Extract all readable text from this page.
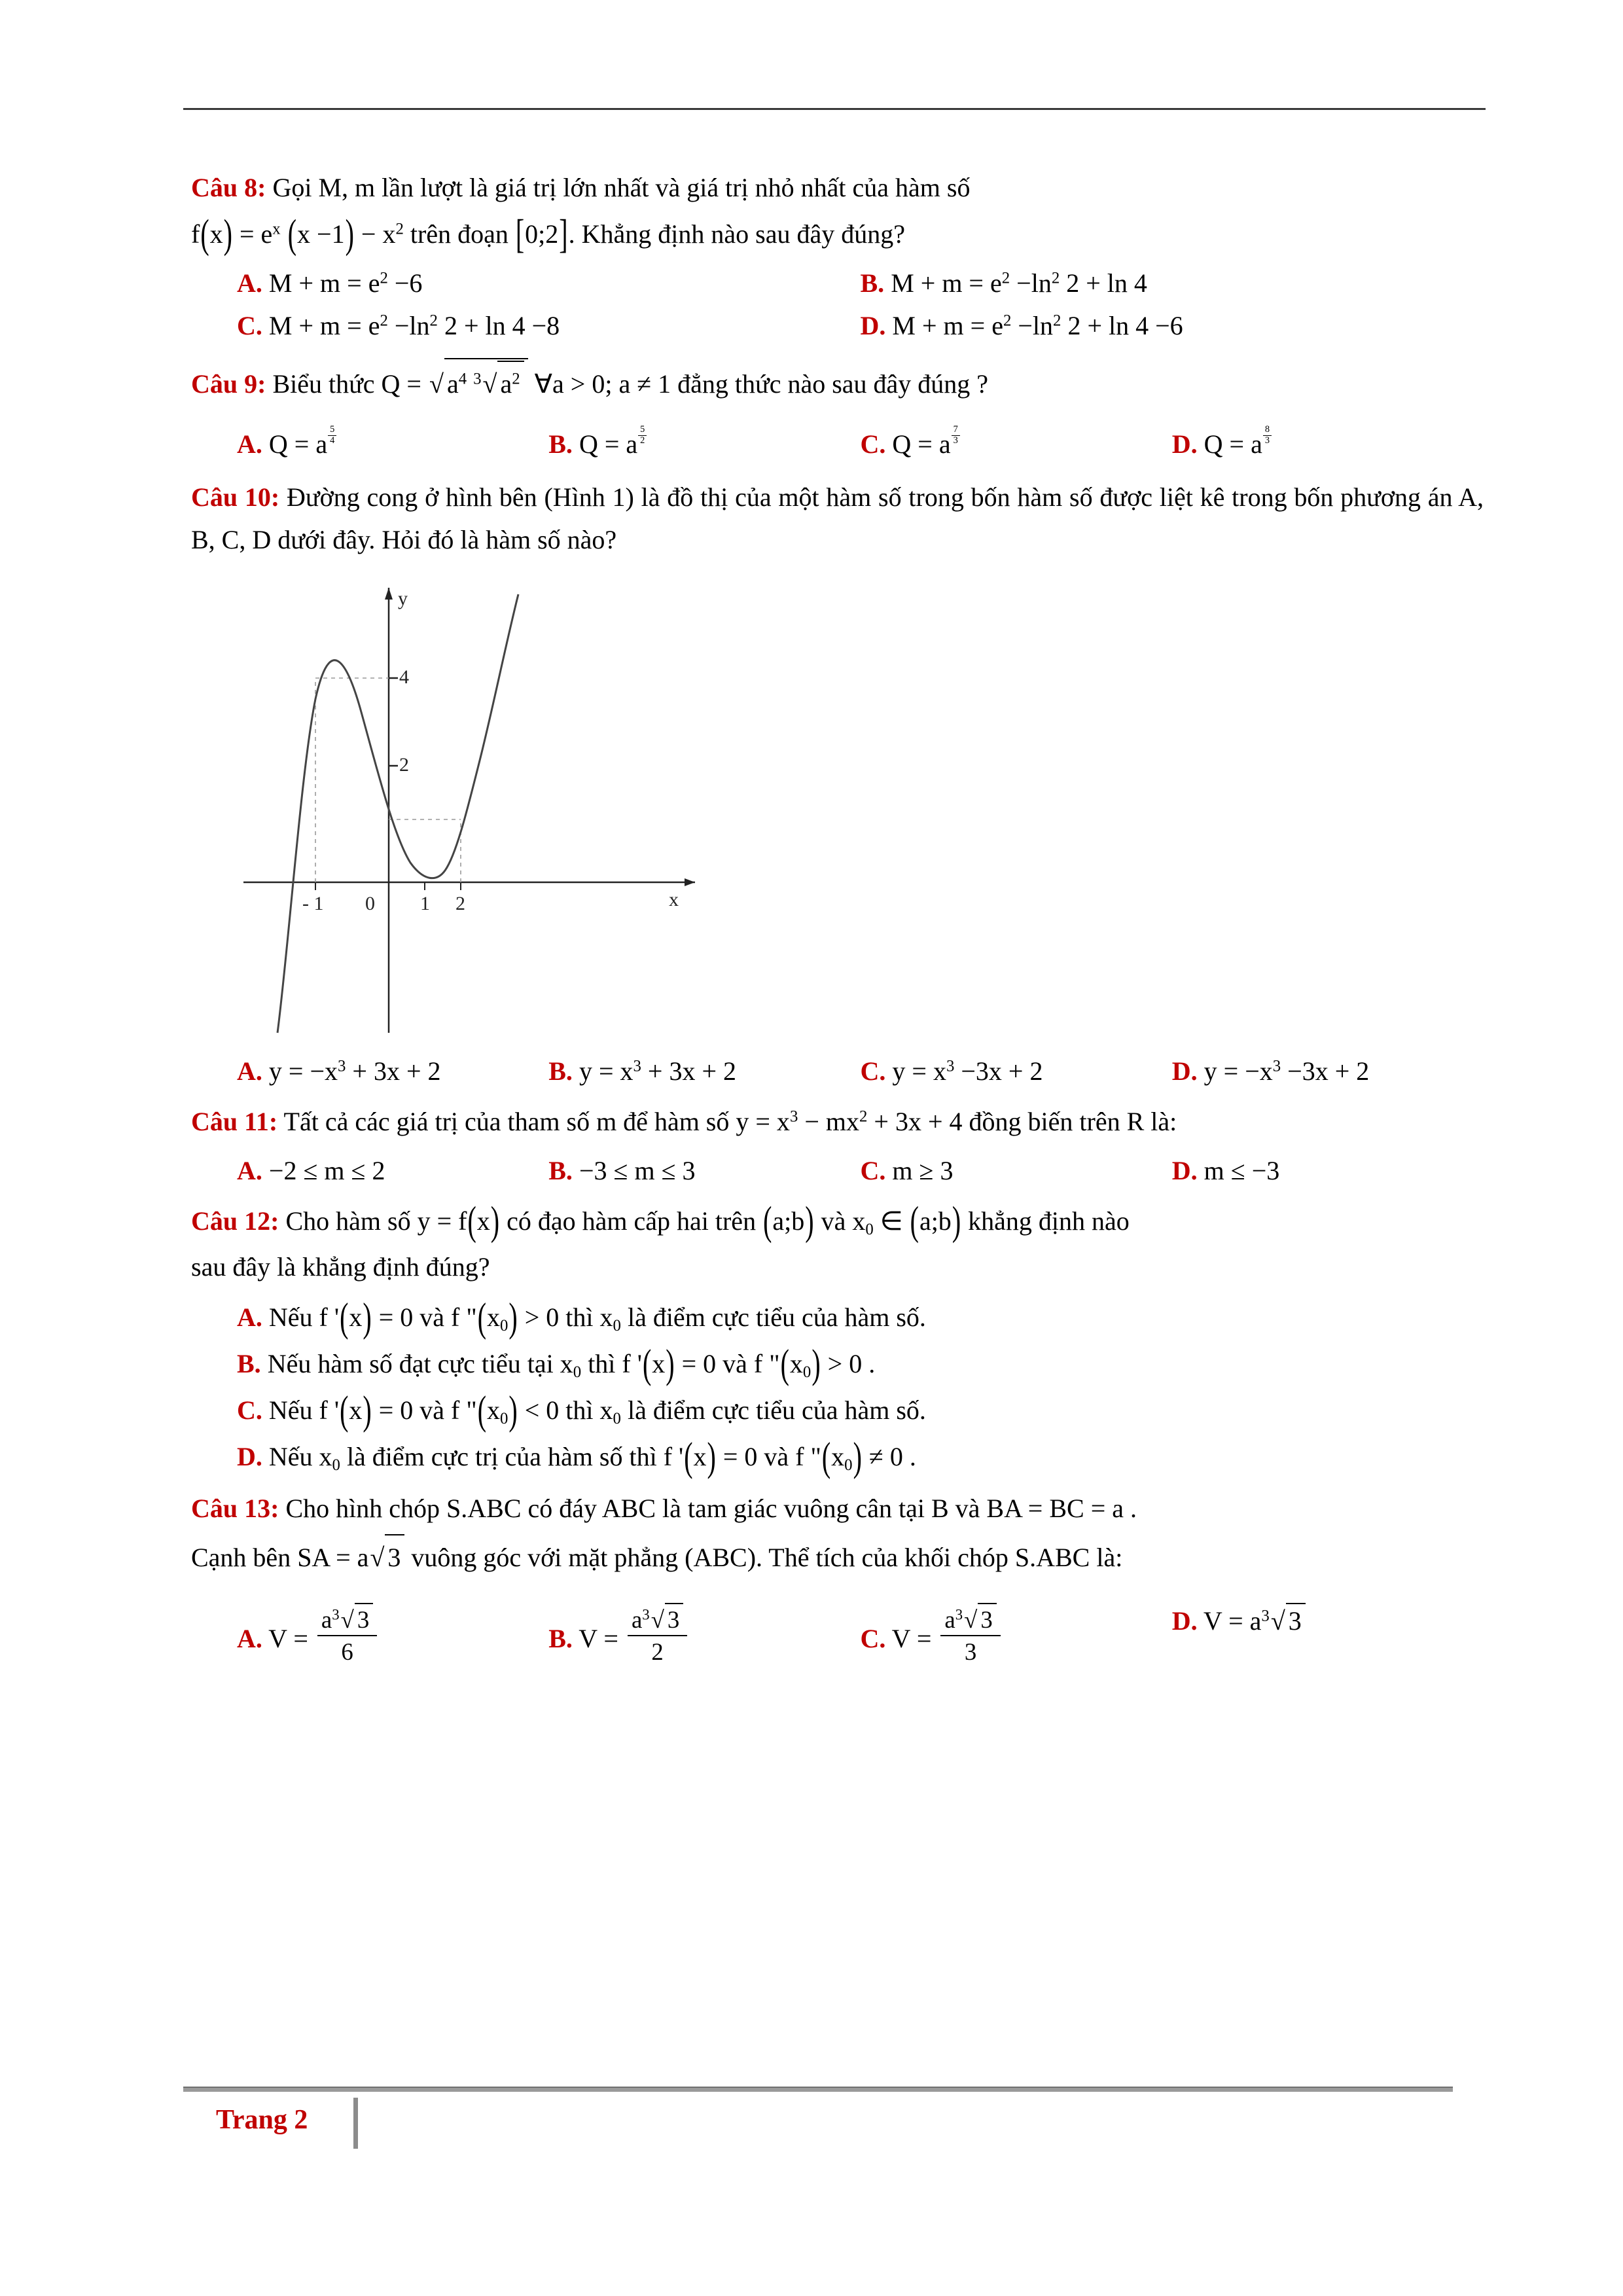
Câu 8: Gọi M, m lần lượt là giá trị lớn nhất và giá trị nhỏ nhất của hàm số
$f(x) = e^x$ $(x -1) - x^2$ trên đoạn [0;2]. Khẳng định nào sau đây đúng?
A. $M + m = e^2 -6$	B. $M + m = e^2 -\ln^2$ 2 + ln 4
C. $M + m = e^2 -\ln^2$ 2 + ln 4 −8	D. $M + m = e^2 -\ln^2$ 2 + ln 4 −6
Câu 9: Biểu thức Q = √ $a^4$ $^3$√ $a^2$ ∀a > 0; a ≠ 1 đẳng thức nào sau đây đúng ?
A. Q = a $^{\frac{5}{4}}$	B. Q = a $^{\frac{5}{2}}$	C. Q = a $^{\frac{7}{3}}$	D. Q = a $^{\frac{8}{3}}$
Câu 10: Đường cong ở hình bên (Hình 1) là đồ thị của một hàm số trong bốn hàm số được liệt kê trong bốn phương án A, B, C, D dưới đây. Hỏi đó là hàm số nào?
4
2
- 1 0 1 2	x
y
A. $y = -x^3 + 3x + 2$	B. $y = x^3 + 3x + 2$	C. $y = x^3 -3x + 2$	D. $y = -x^3 -3x + 2$
Câu 11: Tất cả các giá trị của tham số m để hàm số $y = x^3 - mx^2 + 3x + 4$ đồng biến trên R là:
A. −2 ≤ m ≤ 2	B. −3 ≤ m ≤ 3	C. m ≥ 3	D. m ≤ −3
Câu 12: Cho hàm số y = f(x) có đạo hàm cấp hai trên (a;b) và $x_0$ ∈ (a;b) khẳng định nào
sau đây là khẳng định đúng?
A. Nếu f '(x) = 0 và f "$(x_0) > 0$ thì $x_0$ là điểm cực tiểu của hàm số.
B. Nếu hàm số đạt cực tiểu tại $x_0$ thì f '(x) = 0 và f "$(x_0) > 0$ .
C. Nếu f '(x) = 0 và f "$(x_0) < 0$ thì $x_0$ là điểm cực tiểu của hàm số.
D. Nếu $x_0$ là điểm cực trị của hàm số thì f '(x) = 0 và f "$(x_0) \ne 0$ .
Câu 13: Cho hình chóp S.ABC có đáy ABC là tam giác vuông cân tại B và BA = BC = a .
Cạnh bên SA = a√ 3 vuông góc với mặt phẳng (ABC). Thể tích của khối chóp S.ABC là:
A. $V = \frac{a^3√ 3}{6}$	B. $V = \frac{a^3√ 3}{2}$	C. $V = \frac{a^3√ 3}{3}$	D. $V = a^3√$ 3
Trang 2
